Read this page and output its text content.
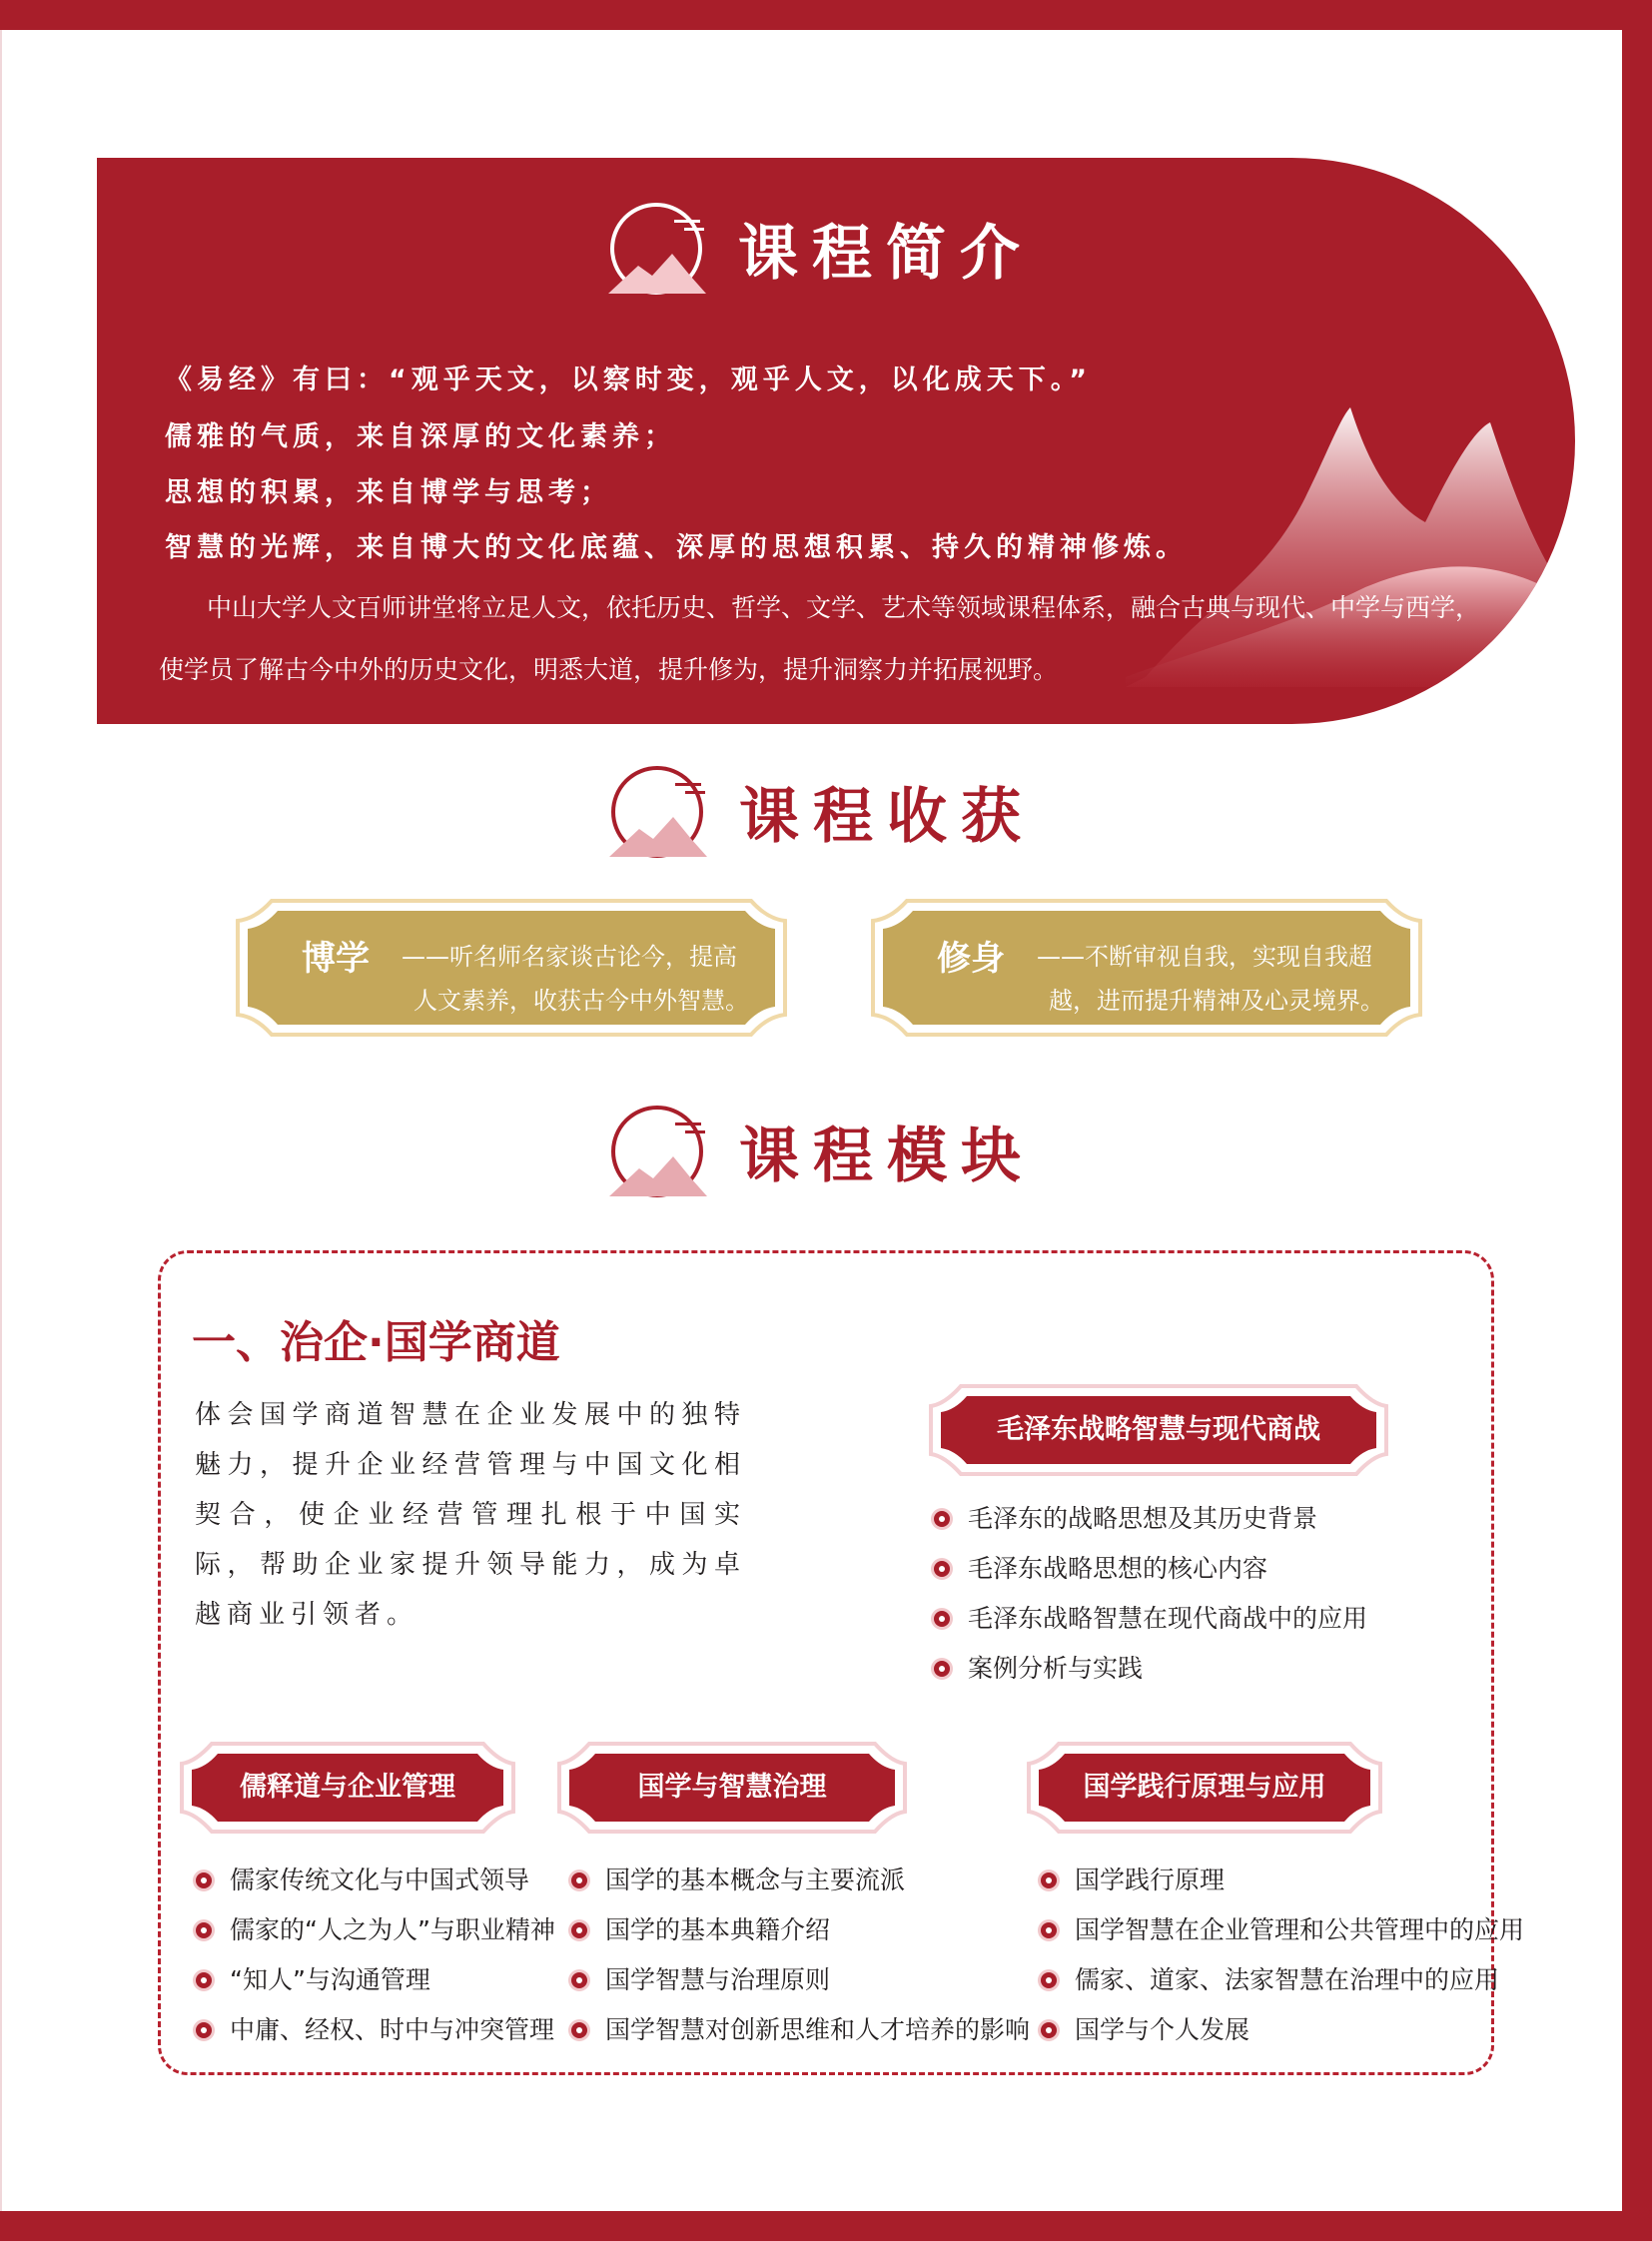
课程简介
《易经》有曰：“观乎天文，以察时变，观乎人文，以化成天下。”
儒雅的气质，来自深厚的文化素养；
思想的积累，来自博学与思考；
智慧的光辉，来自博大的文化底蕴、深厚的思想积累、持久的精神修炼。
中山大学人文百师讲堂将立足人文，依托历史、哲学、文学、艺术等领域课程体系，融合古典与现代、中学与西学，使学员了解古今中外的历史文化，明悉大道，提升修为，提升洞察力并拓展视野。
课程收获
博学 ——听名师名家谈古论今，提高
人文素养，收获古今中外智慧。
修身 ——不断审视自我，实现自我超
越，进而提升精神及心灵境界。
课程模块
一、治企·国学商道
体会国学商道智慧在企业发展中的独特魅力，提升企业经营管理与中国文化相契合，使企业经营管理扎根于中国实际，帮助企业家提升领导能力，成为卓越商业引领者。
毛泽东战略智慧与现代商战
毛泽东的战略思想及其历史背景
毛泽东战略思想的核心内容
毛泽东战略智慧在现代商战中的应用
案例分析与实践
儒释道与企业管理
儒家传统文化与中国式领导
儒家的“人之为人”与职业精神
“知人”与沟通管理
中庸、经权、时中与冲突管理
国学与智慧治理
国学的基本概念与主要流派
国学的基本典籍介绍
国学智慧与治理原则
国学智慧对创新思维和人才培养的影响
国学践行原理与应用
国学践行原理
国学智慧在企业管理和公共管理中的应用
儒家、道家、法家智慧在治理中的应用
国学与个人发展
